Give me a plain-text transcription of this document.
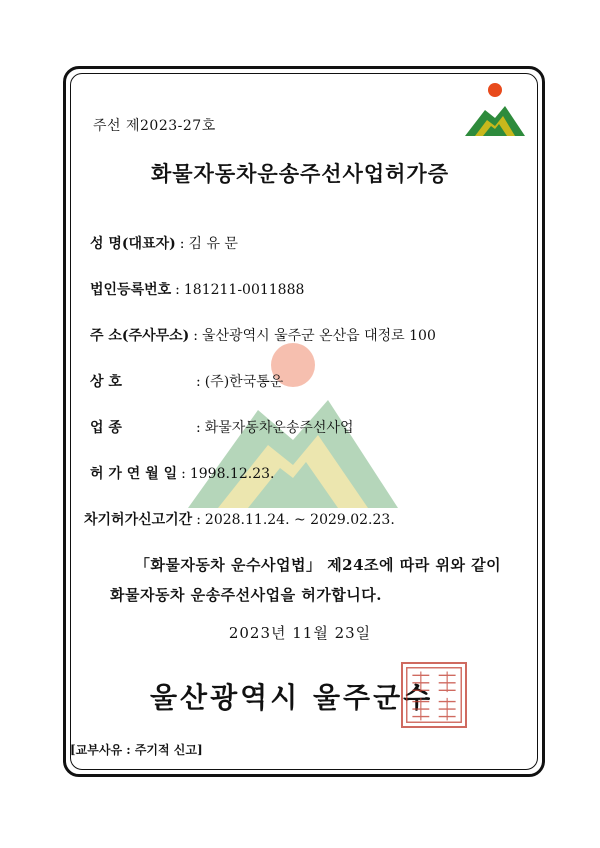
주선 제2023-27호
화물자동차운송주선사업허가증
성 명(대표자) : 김 유 문
법인등록번호 : 181211-0011888
주 소(주사무소) : 울산광역시 울주군 온산읍 대정로 100
상 호	: (주)한국통운
업 종	: 화물자동차운송주선사업
허 가 연 월 일 : 1998.12.23.
차기허가신고기간 : 2028.11.24. ~ 2029.02.23.
「화물자동차 운수사업법」 제24조에 따라 위와 같이
화물자동차 운송주선사업을 허가합니다.
2023년 11월 23일
울산광역시 울주군수
[교부사유 : 주기적 신고]
